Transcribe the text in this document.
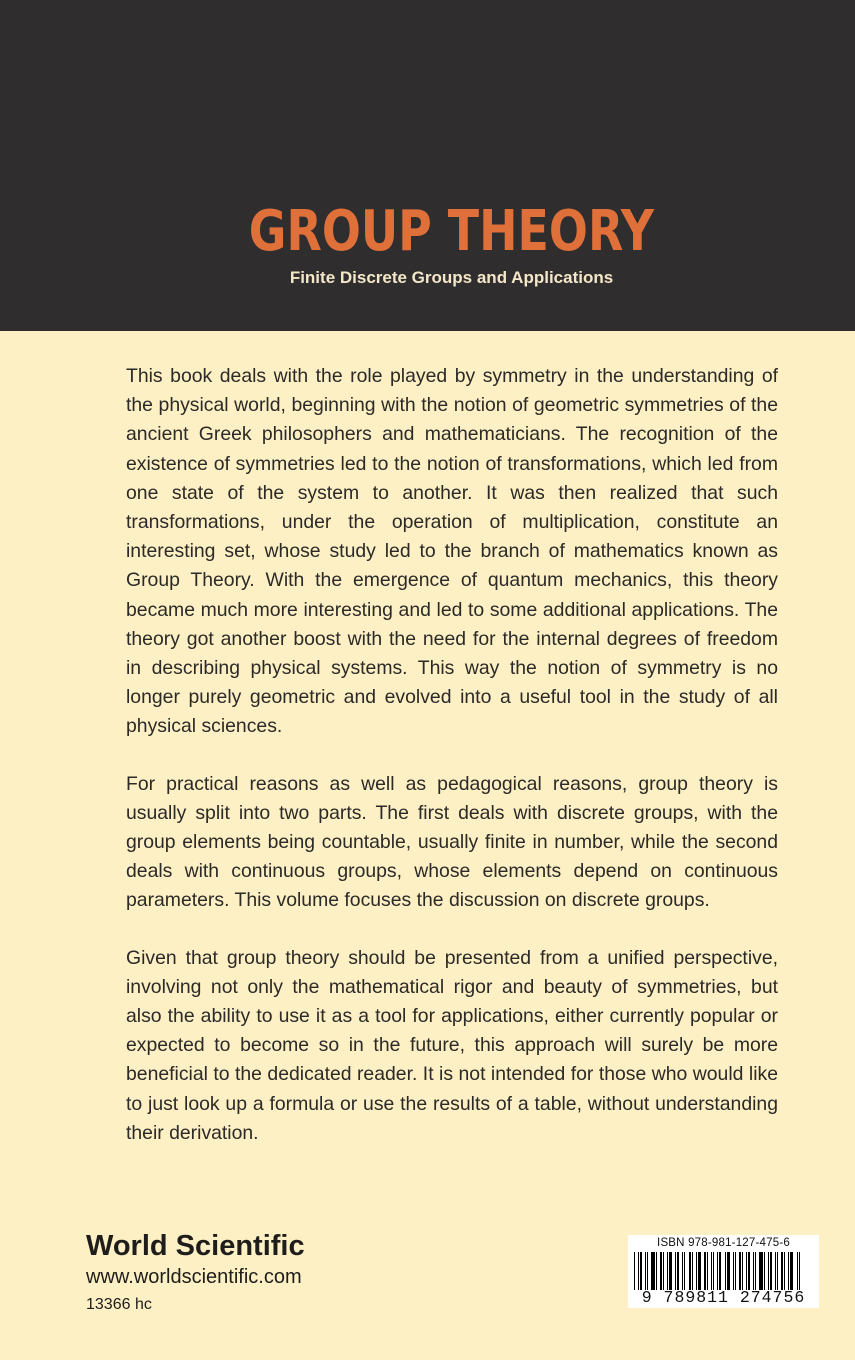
GROUP THEORY
Finite Discrete Groups and Applications

This book deals with the role played by symmetry in the understanding of the physical world, beginning with the notion of geometric symmetries of the ancient Greek philosophers and mathematicians. The recognition of the existence of symmetries led to the notion of transformations, which led from one state of the system to another. It was then realized that such transformations, under the operation of multiplication, constitute an interesting set, whose study led to the branch of mathematics known as Group Theory. With the emergence of quantum mechanics, this theory became much more interesting and led to some additional applications. The theory got another boost with the need for the internal degrees of freedom in describing physical systems. This way the notion of symmetry is no longer purely geometric and evolved into a useful tool in the study of all physical sciences.

For practical reasons as well as pedagogical reasons, group theory is usually split into two parts. The first deals with discrete groups, with the group elements being countable, usually finite in number, while the second deals with continuous groups, whose elements depend on continuous parameters. This volume focuses the discussion on discrete groups.

Given that group theory should be presented from a unified perspective, involving not only the mathematical rigor and beauty of symmetries, but also the ability to use it as a tool for applications, either currently popular or expected to become so in the future, this approach will surely be more beneficial to the dedicated reader. It is not intended for those who would like to just look up a formula or use the results of a table, without understanding their derivation.

World Scientific
www.worldscientific.com
13366 hc
ISBN 978-981-127-475-6
9 789811 274756
